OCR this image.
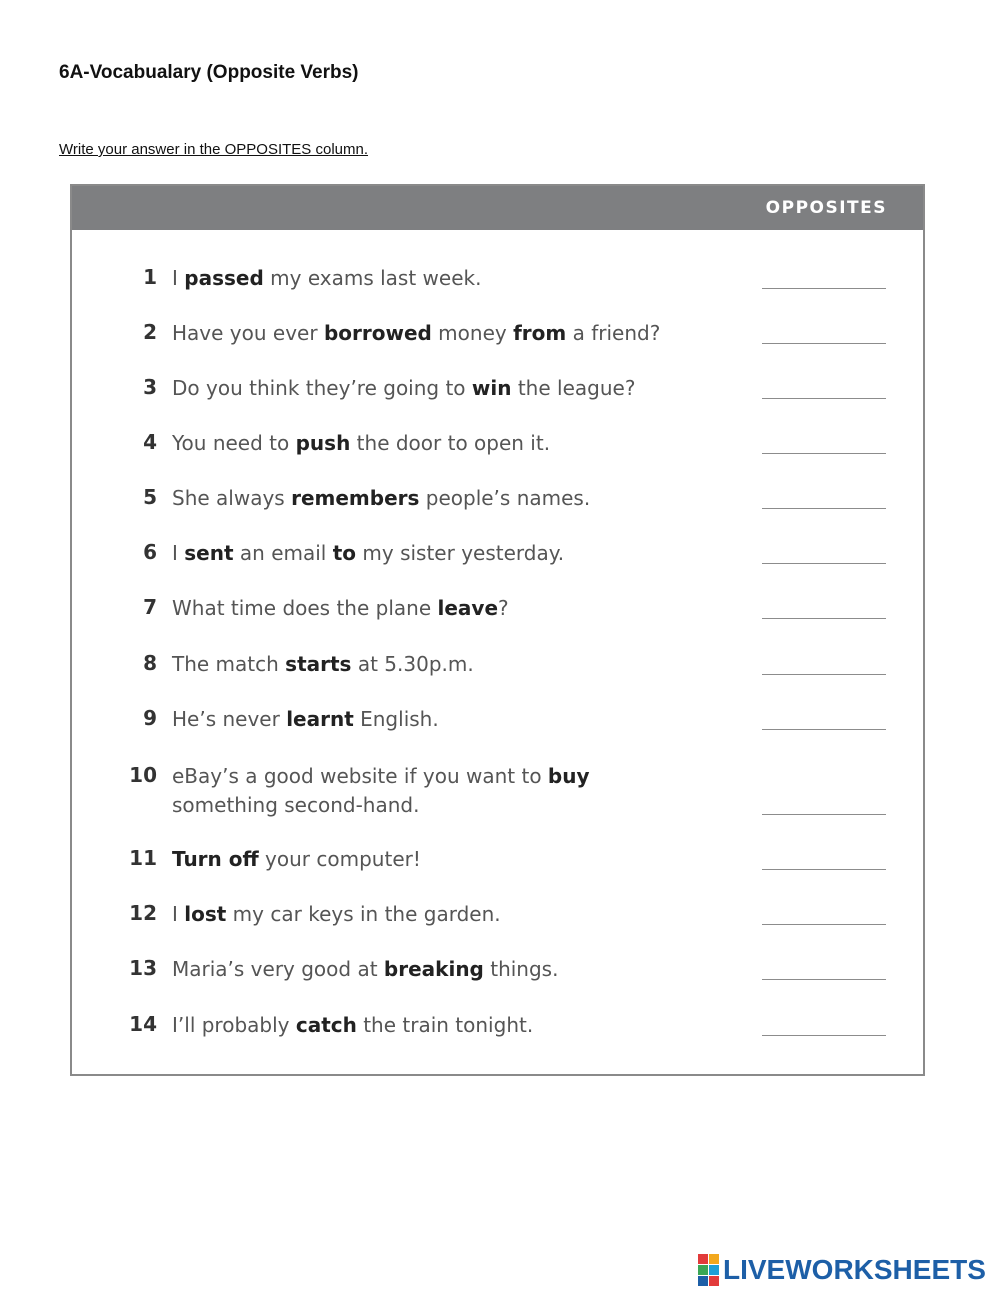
6A-Vocabualary (Opposite Verbs)
Write your answer in the OPPOSITES column.
OPPOSITES
1 I passed my exams last week.
2 Have you ever borrowed money from a friend?
3 Do you think they’re going to win the league?
4 You need to push the door to open it.
5 She always remembers people’s names.
6 I sent an email to my sister yesterday.
7 What time does the plane leave?
8 The match starts at 5.30p.m.
9 He’s never learnt English.
10 eBay’s a good website if you want to buy
something second-hand.
11 Turn off your computer!
12 I lost my car keys in the garden.
13 Maria’s very good at breaking things.
14 I’ll probably catch the train tonight.
LIVEWORKSHEETS
